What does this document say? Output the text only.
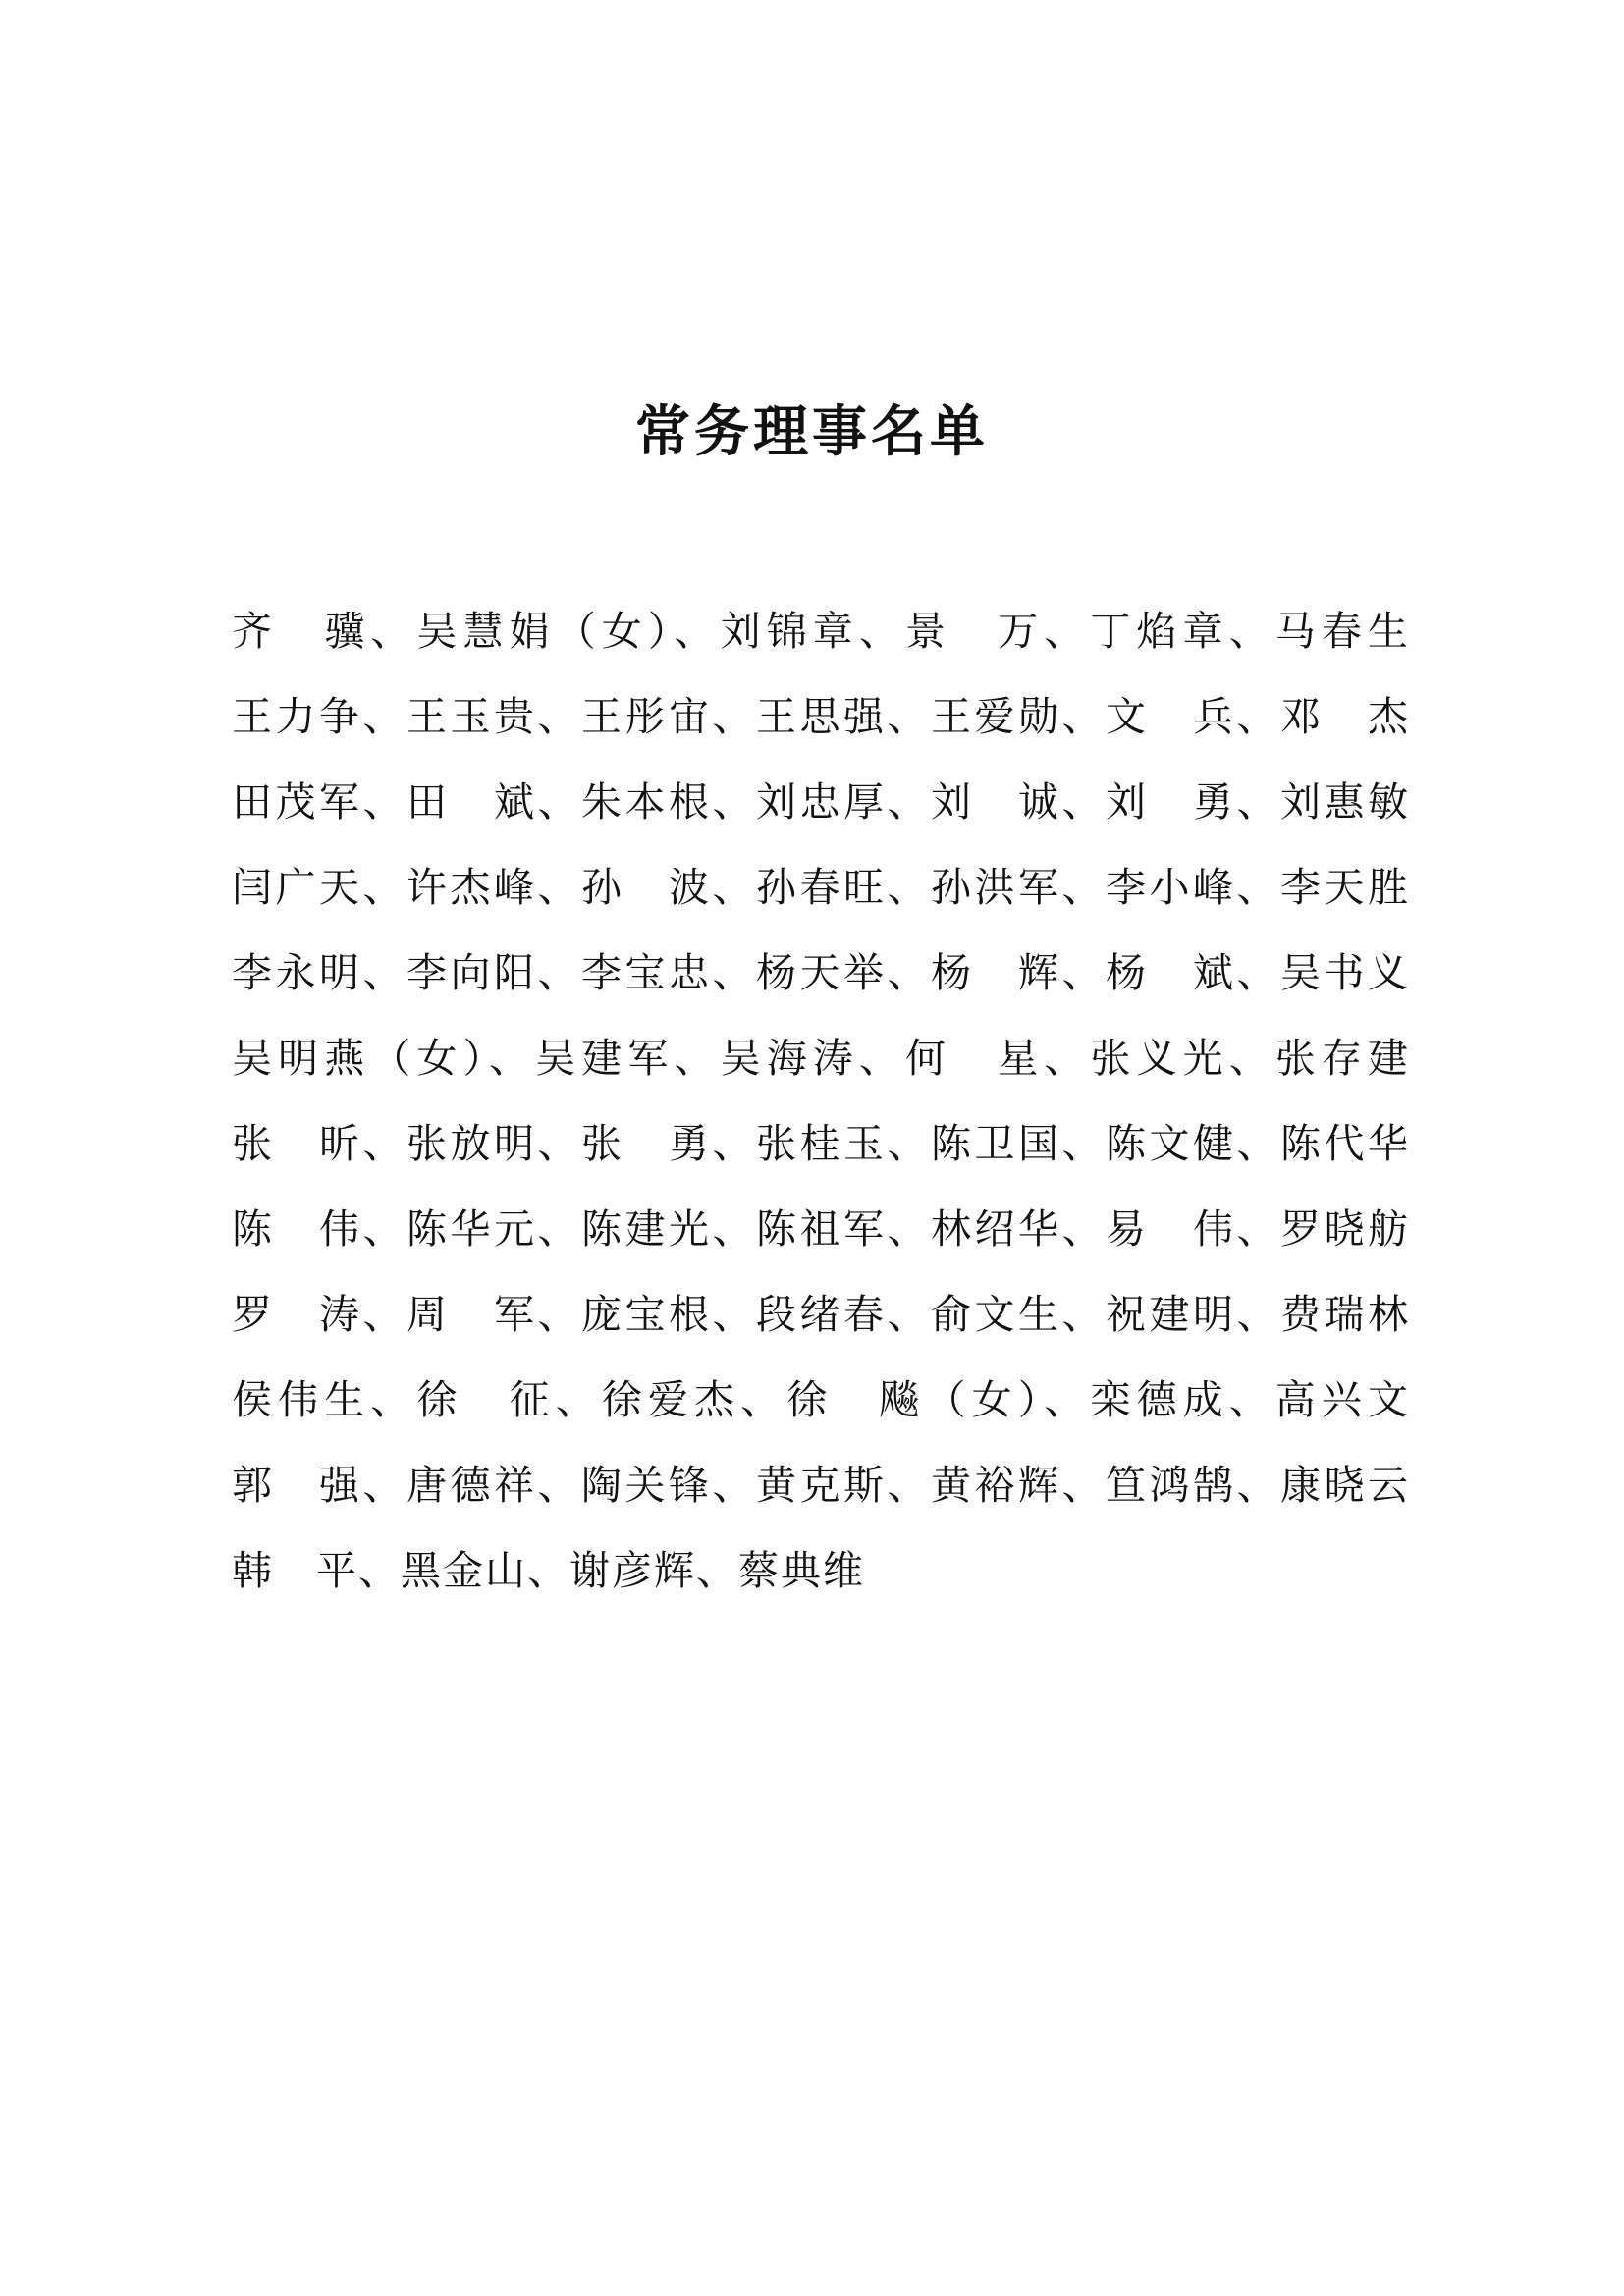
常务理事名单
齐　骥、吴慧娟（女）、刘锦章、景　万、丁焰章、马春生
王力争、王玉贵、王彤宙、王思强、王爱勋、文　兵、邓　杰
田茂军、田　斌、朱本根、刘忠厚、刘　诚、刘　勇、刘惠敏
闫广天、许杰峰、孙　波、孙春旺、孙洪军、李小峰、李天胜
李永明、李向阳、李宝忠、杨天举、杨　辉、杨　斌、吴书义
吴明燕（女）、吴建军、吴海涛、何　星、张义光、张存建
张　昕、张放明、张　勇、张桂玉、陈卫国、陈文健、陈代华
陈　伟、陈华元、陈建光、陈祖军、林绍华、易　伟、罗晓舫
罗　涛、周　军、庞宝根、段绪春、俞文生、祝建明、费瑞林
侯伟生、徐　征、徐爱杰、徐　飚（女）、栾德成、高兴文
郭　强、唐德祥、陶关锋、黄克斯、黄裕辉、笪鸿鹄、康晓云
韩　平、黑金山、谢彦辉、蔡典维
